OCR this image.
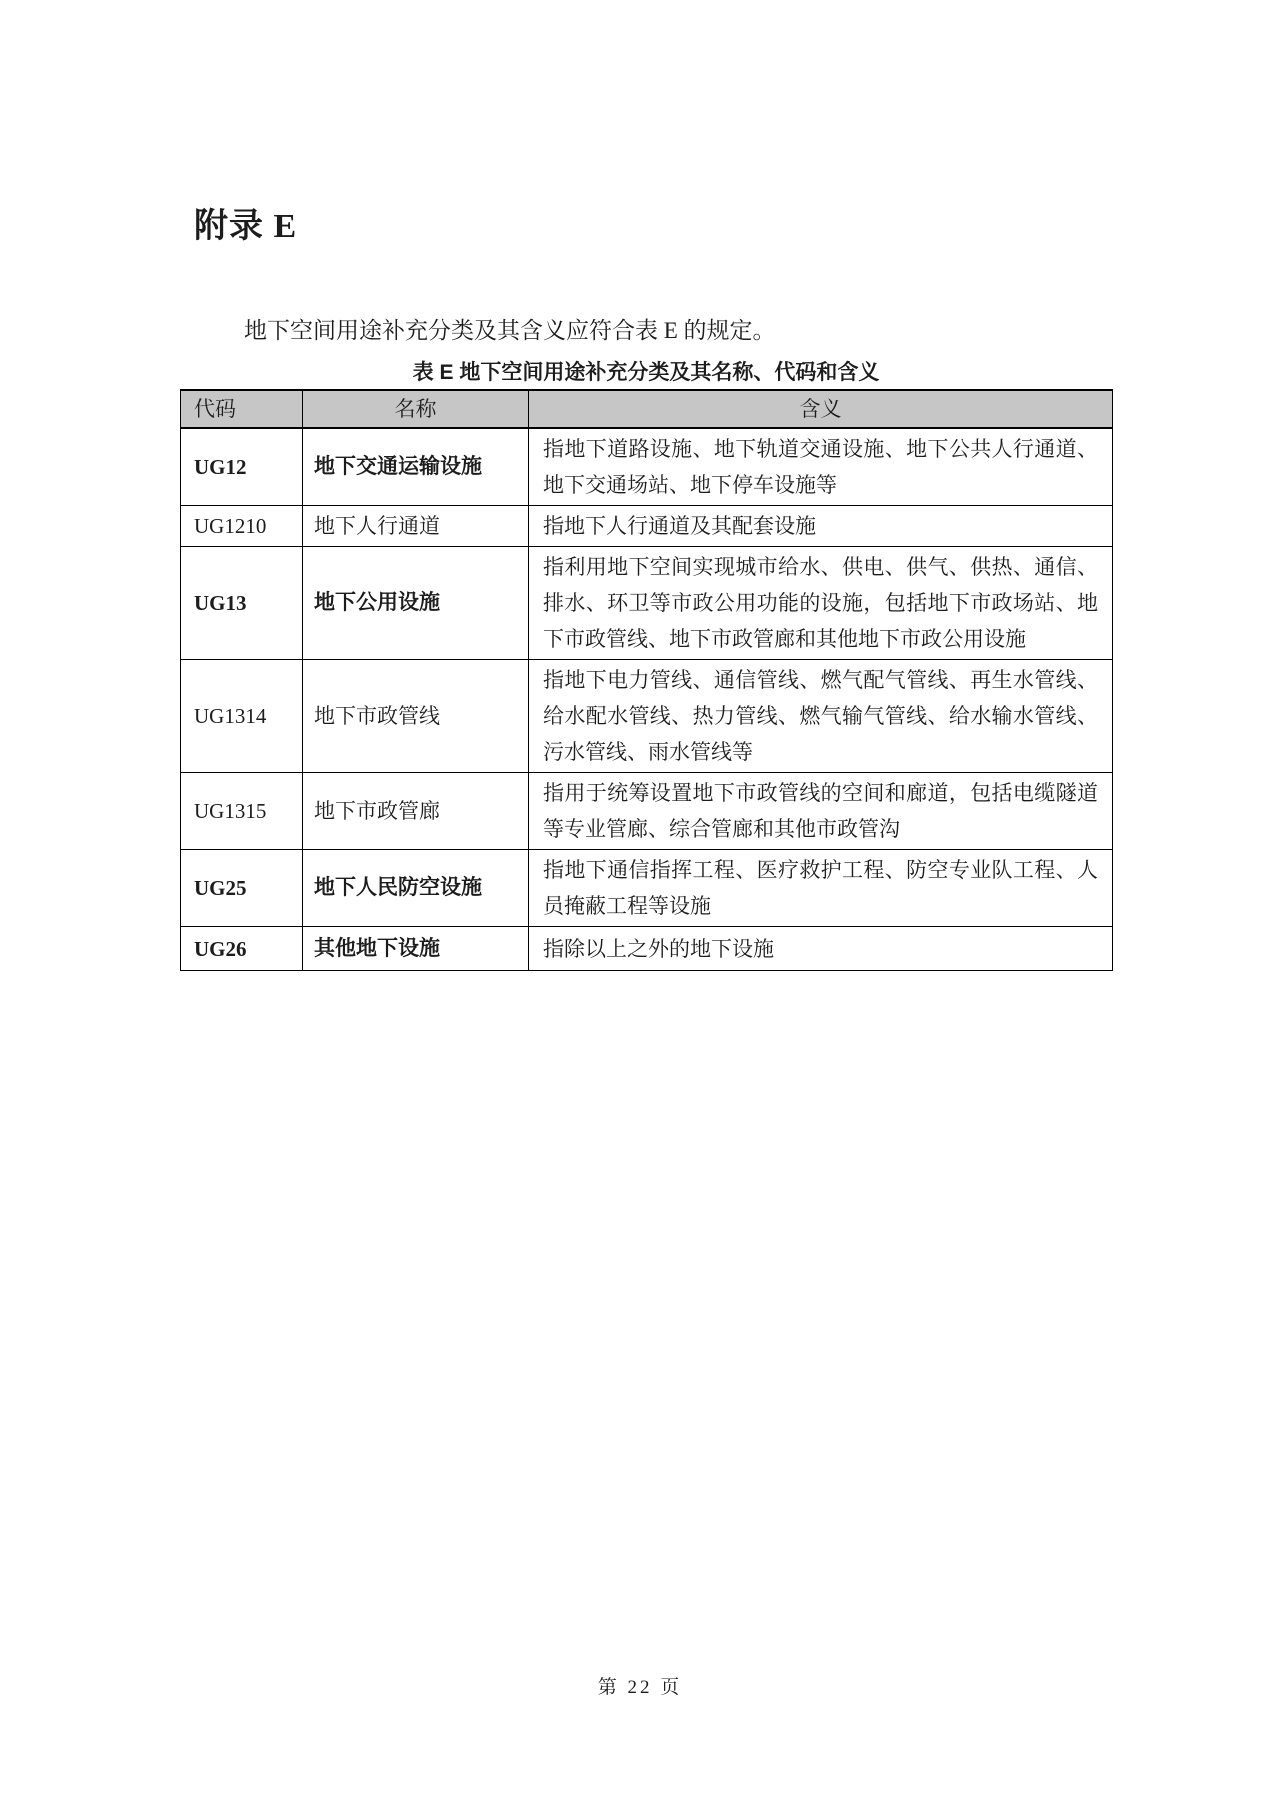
附录 E

地下空间用途补充分类及其含义应符合表 E 的规定。

表 E 地下空间用途补充分类及其名称、代码和含义
代码	名称	含义
UG12	地下交通运输设施	指地下道路设施、地下轨道交通设施、地下公共人行通道、地下交通场站、地下停车设施等
UG1210	地下人行通道	指地下人行通道及其配套设施
UG13	地下公用设施	指利用地下空间实现城市给水、供电、供气、供热、通信、排水、环卫等市政公用功能的设施，包括地下市政场站、地下市政管线、地下市政管廊和其他地下市政公用设施
UG1314	地下市政管线	指地下电力管线、通信管线、燃气配气管线、再生水管线、给水配水管线、热力管线、燃气输气管线、给水输水管线、污水管线、雨水管线等
UG1315	地下市政管廊	指用于统筹设置地下市政管线的空间和廊道，包括电缆隧道等专业管廊、综合管廊和其他市政管沟
UG25	地下人民防空设施	指地下通信指挥工程、医疗救护工程、防空专业队工程、人员掩蔽工程等设施
UG26	其他地下设施	指除以上之外的地下设施
第 22 页
